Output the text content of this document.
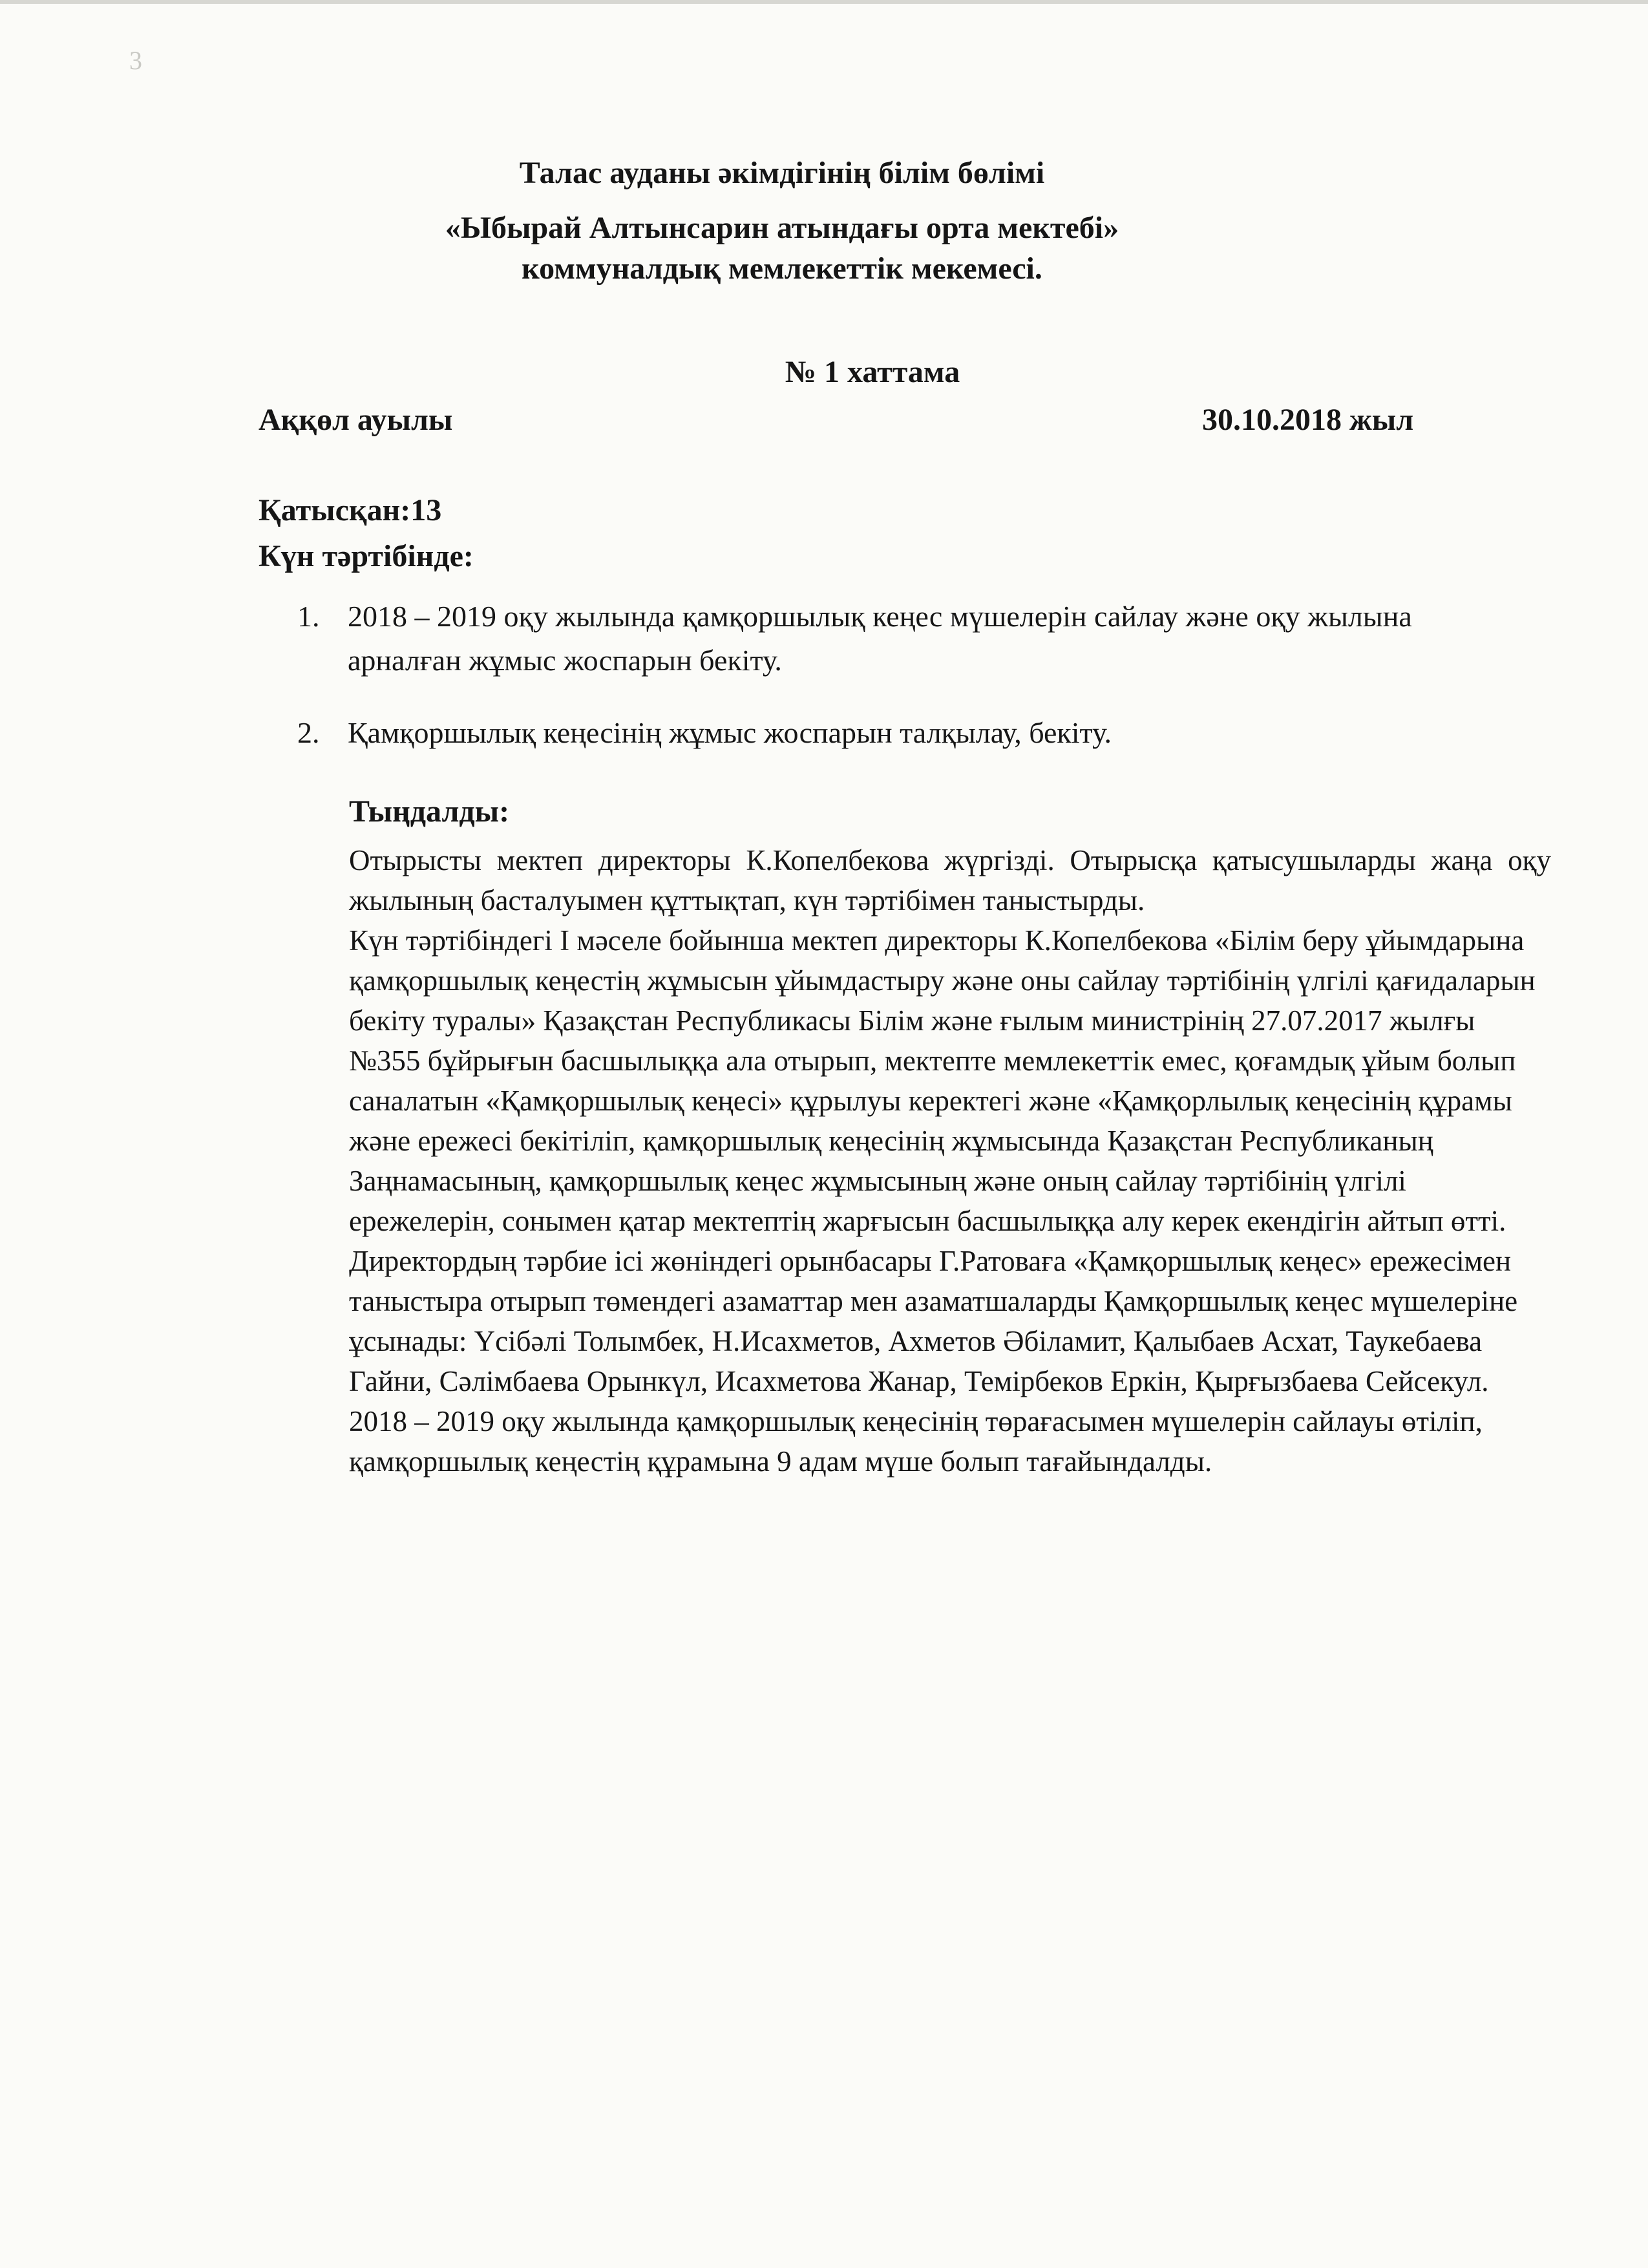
3
Талас ауданы әкімдігінің білім бөлімі
«Ыбырай Алтынсарин атындағы орта мектебі»
коммуналдық мемлекеттік мекемесі.
№ 1 хаттама
Аққөл ауылы	30.10.2018 жыл
Қатысқан:13
Күн тәртібінде:
1. 2018 – 2019 оқу жылында қамқоршылық кеңес мүшелерін сайлау және оқу жылына арналған жұмыс жоспарын бекіту.
2. Қамқоршылық кеңесінің жұмыс жоспарын талқылау, бекіту.
Тыңдалды:

Отырысты мектеп директоры К.Копелбекова жүргізді. Отырысқа қатысушыларды жаңа оқу жылының басталуымен құттықтап, күн тәртібімен таныстырды.

Күн тәртібіндегі І мәселе бойынша мектеп директоры К.Копелбекова «Білім беру ұйымдарына қамқоршылық кеңестің жұмысын ұйымдастыру және оны сайлау тәртібінің үлгілі қағидаларын бекіту туралы» Қазақстан Республикасы Білім және ғылым министрінің 27.07.2017 жылғы №355 бұйрығын басшылыққа ала отырып, мектепте мемлекеттік емес, қоғамдық ұйым болып саналатын «Қамқоршылық кеңесі» құрылуы керектегі және «Қамқорлылық кеңесінің құрамы және ережесі бекітіліп, қамқоршылық кеңесінің жұмысында Қазақстан Республиканың Заңнамасының, қамқоршылық кеңес жұмысының және оның сайлау тәртібінің үлгілі ережелерін, сонымен қатар мектептің жарғысын басшылыққа алу керек екендігін айтып өтті.

Директордың тәрбие ісі жөніндегі орынбасары Г.Ратоваға «Қамқоршылық кеңес» ережесімен таныстыра отырып төмендегі азаматтар мен азаматшаларды Қамқоршылық кеңес мүшелеріне ұсынады: Үсібәлі Толымбек, Н.Исахметов, Ахметов Әбіламит, Қалыбаев Асхат, Таукебаева Гайни, Сәлімбаева Орынкүл, Исахметова Жанар, Темірбеков Еркін, Қырғызбаева Сейсекул.

2018 – 2019 оқу жылында қамқоршылық кеңесінің төрағасымен мүшелерін сайлауы өтіліп, қамқоршылық кеңестің құрамына 9 адам мүше болып тағайындалды.
